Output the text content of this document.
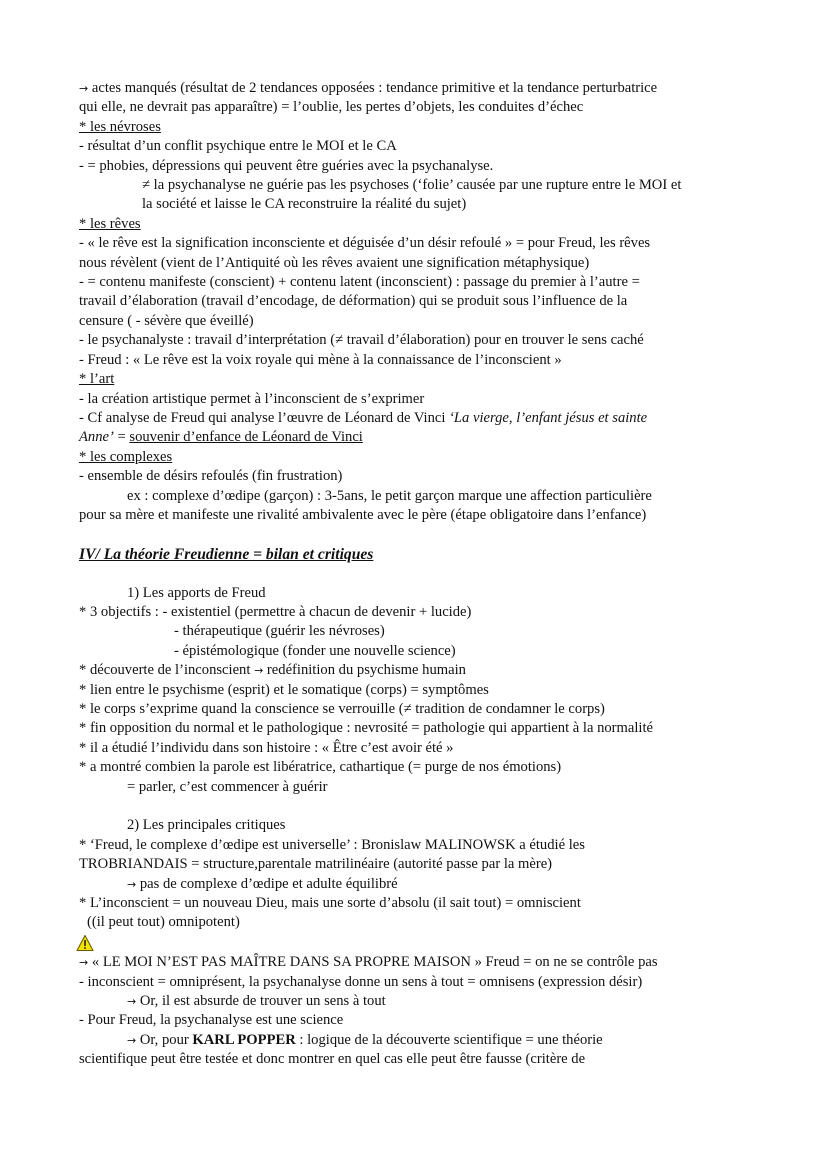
→ actes manqués (résultat de 2 tendances opposées : tendance primitive et la tendance perturbatrice
qui elle, ne devrait pas apparaître) = l’oublie, les pertes d’objets, les conduites d’échec
* les névroses
- résultat d’un conflit psychique entre le MOI et le CA
- = phobies, dépressions qui peuvent être guéries avec la psychanalyse.
≠ la psychanalyse ne guérie pas les psychoses (‘folie’ causée par une rupture entre le MOI et
la société et laisse le CA reconstruire la réalité du sujet)
* les rêves
- « le rêve est la signification inconsciente et déguisée d’un désir refoulé » = pour Freud, les rêves
nous révèlent (vient de l’Antiquité où les rêves avaient une signification métaphysique)
- = contenu manifeste (conscient) + contenu latent (inconscient) : passage du premier à l’autre =
travail d’élaboration (travail d’encodage, de déformation) qui se produit sous l’influence de la
censure ( - sévère que éveillé)
- le psychanalyste : travail d’interprétation (≠ travail d’élaboration) pour en trouver le sens caché
- Freud : « Le rêve est la voix royale qui mène à la connaissance de l’inconscient »
* l’art
- la création artistique permet à l’inconscient de s’exprimer
- Cf analyse de Freud qui analyse l’œuvre de Léonard de Vinci ‘La vierge, l’enfant jésus et sainte
Anne’ = souvenir d’enfance de Léonard de Vinci
* les complexes
- ensemble de désirs refoulés (fin frustration)
ex : complexe d’œdipe (garçon) : 3-5ans, le petit garçon marque une affection particulière
pour sa mère et manifeste une rivalité ambivalente avec le père (étape obligatoire dans l’enfance)
IV/ La théorie Freudienne = bilan et critiques
1) Les apports de Freud
* 3 objectifs : - existentiel (permettre à chacun de devenir + lucide)
- thérapeutique (guérir les névroses)
- épistémologique (fonder une nouvelle science)
* découverte de l’inconscient → redéfinition du psychisme humain
* lien entre le psychisme (esprit) et le somatique (corps) = symptômes
* le corps s’exprime quand la conscience se verrouille (≠ tradition de condamner le corps)
* fin opposition du normal et le pathologique : nevrosité = pathologie qui appartient à la normalité
* il a étudié l’individu dans son histoire : « Être c’est avoir été »
* a montré combien la parole est libératrice, cathartique (= purge de nos émotions)
= parler, c’est commencer à guérir
2) Les principales critiques
* ‘Freud, le complexe d’œdipe est universelle’ : Bronislaw MALINOWSK a étudié les
TROBRIANDAIS = structure,parentale matrilinéaire (autorité passe par la mère)
→ pas de complexe d’œdipe et adulte équilibré
* L’inconscient = un nouveau Dieu, mais une sorte d’absolu (il sait tout) = omniscient
((il peut tout) omnipotent)
→ « LE MOI N’EST PAS MAÎTRE DANS SA PROPRE MAISON » Freud = on ne se contrôle pas
- inconscient = omniprésent, la psychanalyse donne un sens à tout = omnisens (expression désir)
→ Or, il est absurde de trouver un sens à tout
- Pour Freud, la psychanalyse est une science
→ Or, pour KARL POPPER : logique de la découverte scientifique = une théorie
scientifique peut être testée et donc montrer en quel cas elle peut être fausse (critère de
